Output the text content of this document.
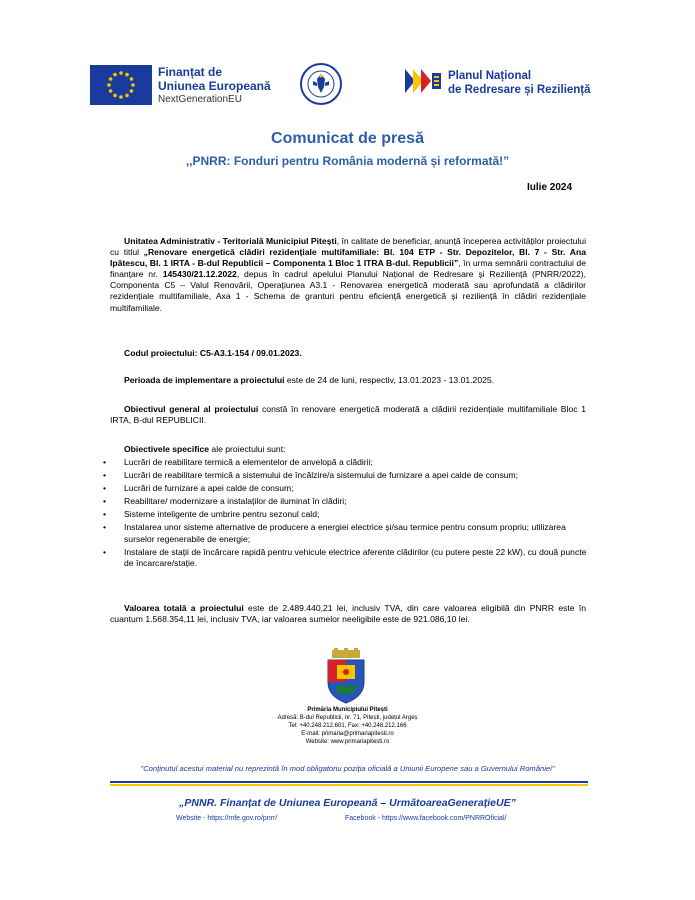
Finanțat de
Uniunea Europeană
NextGenerationEU
Planul Național
de Redresare și Reziliență
Comunicat de presă
,,PNRR: Fonduri pentru România modernă și reformată!”
Iulie 2024
Unitatea Administrativ - Teritorială Municipiul Pitești, în calitate de beneficiar, anunță începerea activităților proiectului cu titlul „Renovare energetică clădiri rezidențiale multifamiliale: Bl. 104 ETP - Str. Depozitelor, Bl. 7 - Str. Ana Ipătescu, Bl. 1 IRTA - B-dul Republicii – Componenta 1 Bloc 1 ITRA B-dul. Republicii”, în urma semnării contractului de finanțare nr. 145430/21.12.2022, depus în cadrul apelului Planului Național de Redresare și Reziliență (PNRR/2022), Componenta C5 – Valul Renovării, Operațiunea A3.1 - Renovarea energetică moderată sau aprofundată a clădirilor rezidențiale multifamiliale, Axa 1 - Schema de granturi pentru eficiență energetică și reziliență în clădiri rezidențiale multifamiliale.
Codul proiectului: C5-A3.1-154 / 09.01.2023.
Perioada de implementare a proiectului este de 24 de luni, respectiv, 13.01.2023 - 13.01.2025.
Obiectivul general al proiectului constă în renovare energetică moderată a clădirii rezidențiale multifamiliale Bloc 1 IRTA, B-dul REPUBLICII.
Obiectivele specifice ale proiectului sunt:
• Lucrări de reabilitare termică a elementelor de anvelopă a clădirii;
• Lucrări de reabilitare termică a sistemului de încălzire/a sistemului de furnizare a apei calde de consum;
• Lucrări de furnizare a apei calde de consum;
• Reabilitare/ modernizare a instalaților de iluminat în clădiri;
• Sisteme inteligente de umbrire pentru sezonul cald;
• Instalarea unor sisteme alternative de producere a energiei electrice și/sau termice pentru consum propriu; utilizarea surselor regenerabile de energie;
• Instalare de stații de încărcare rapidă pentru vehicule electrice aferente clădirilor (cu putere peste 22 kW), cu două puncte de încarcare/stație.
Valoarea totală a proiectului este de 2.489.440,21 lei, inclusiv TVA, din care valoarea eligibilă din PNRR este în cuantum 1.568.354,11 lei, inclusiv TVA, iar valoarea sumelor neeligibile este de 921.086,10 lei.
Primăria Municipiului Pitești
Adresă: B-dul Republicii, nr. 71, Pitești, județul Argeș
Tel: +40.248.212.601, Fax: +40.248.212.166
E-mail: primaria@primariapitesti.ro
Website: www.primariapitesti.ro
"Conținutul acestui material nu reprezintă în mod obligatoriu poziția oficială a Uniunii Europene sau a Guvernului României"
„PNNR. Finanțat de Uniunea Europeană – UrmătoareaGenerațieUE”
Website - https://mfe.gov.ro/pnrr/	Facebook - https://www.facebook.com/PNRROficial/
